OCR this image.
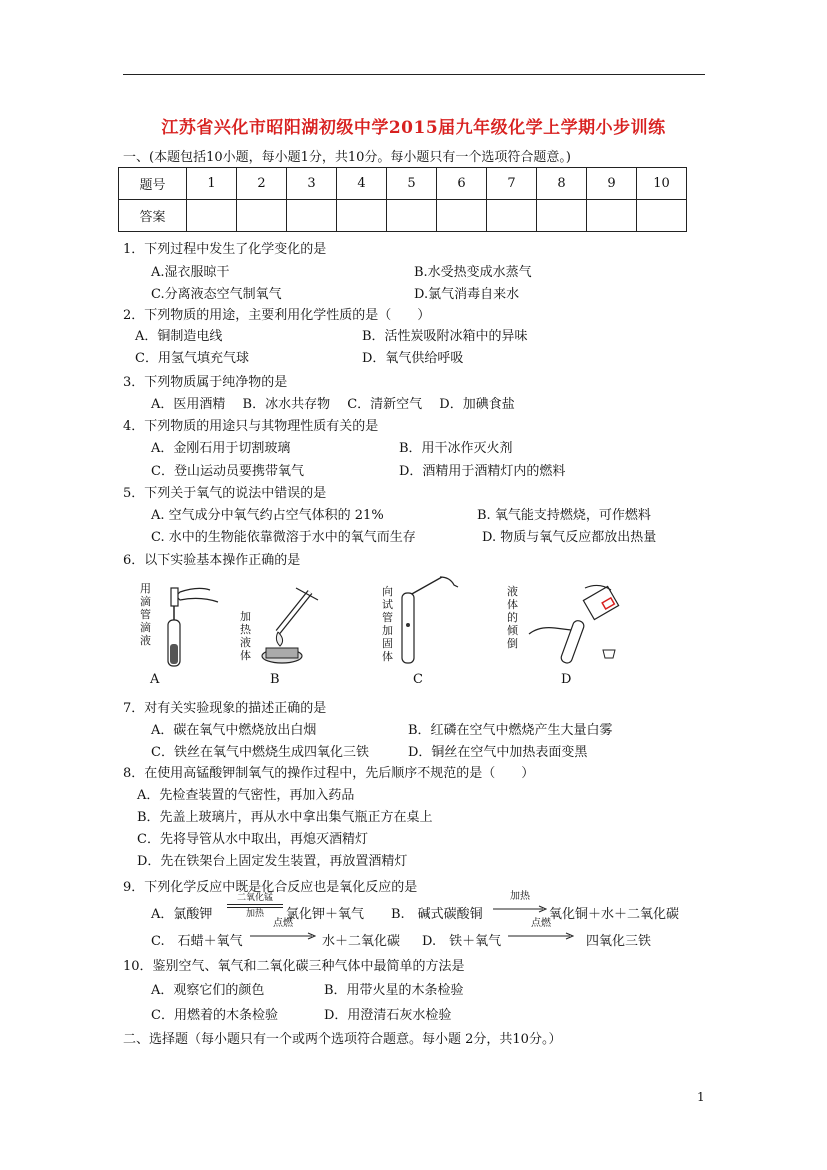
江苏省兴化市昭阳湖初级中学2015届九年级化学上学期小步训练
一、(本题包括10小题，每小题1分，共10分。每小题只有一个选项符合题意。)
题号	1	2	3	4	5	6	7	8	9	10
答案										
1．下列过程中发生了化学变化的是
A.湿衣服晾干	B.水受热变成水蒸气
C.分离液态空气制氧气	D.氯气消毒自来水
2．下列物质的用途，主要利用化学性质的是（　　）
A．铜制造电线	B．活性炭吸附冰箱中的异味
C．用氢气填充气球	D．氧气供给呼吸
3．下列物质属于纯净物的是
A．医用酒精　 B．冰水共存物　 C．清新空气　 D．加碘食盐
4．下列物质的用途只与其物理性质有关的是
A．金刚石用于切割玻璃	B．用干冰作灭火剂
C．登山运动员要携带氧气	D．酒精用于酒精灯内的燃料
5．下列关于氧气的说法中错误的是
A. 空气成分中氧气约占空气体积的 21%	B. 氧气能支持燃烧，可作燃料
C. 水中的生物能依靠微溶于水中的氧气而生存	D. 物质与氧气反应都放出热量
6．以下实验基本操作正确的是
用滴管滴液
A
加热液体
B
向试管加固体
C
液体的倾倒
D
7．对有关实验现象的描述正确的是
A．碳在氧气中燃烧放出白烟	B．红磷在空气中燃烧产生大量白雾
C．铁丝在氧气中燃烧生成四氧化三铁	D．铜丝在空气中加热表面变黑
8．在使用高锰酸钾制氧气的操作过程中，先后顺序不规范的是（　　）
A．先检查装置的气密性，再加入药品
B．先盖上玻璃片，再从水中拿出集气瓶正方在桌上
C．先将导管从水中取出，再熄灭酒精灯
D．先在铁架台上固定发生装置，再放置酒精灯
9．下列化学反应中既是化合反应也是氧化反应的是
A．氯酸钾
二氧化锰
加热	氯化钾＋氧气 B.　碱式碳酸铜
加热
氧化铜＋水＋二氧化碳
C.　石蜡＋氧气
点燃
水＋二氧化碳 D.　铁＋氧气
点燃
四氧化三铁
10．鉴别空气、氧气和二氧化碳三种气体中最简单的方法是
A．观察它们的颜色	B．用带火星的木条检验
C．用燃着的木条检验	D．用澄清石灰水检验
二、选择题（每小题只有一个或两个选项符合题意。每小题 2分，共10分。）
1
